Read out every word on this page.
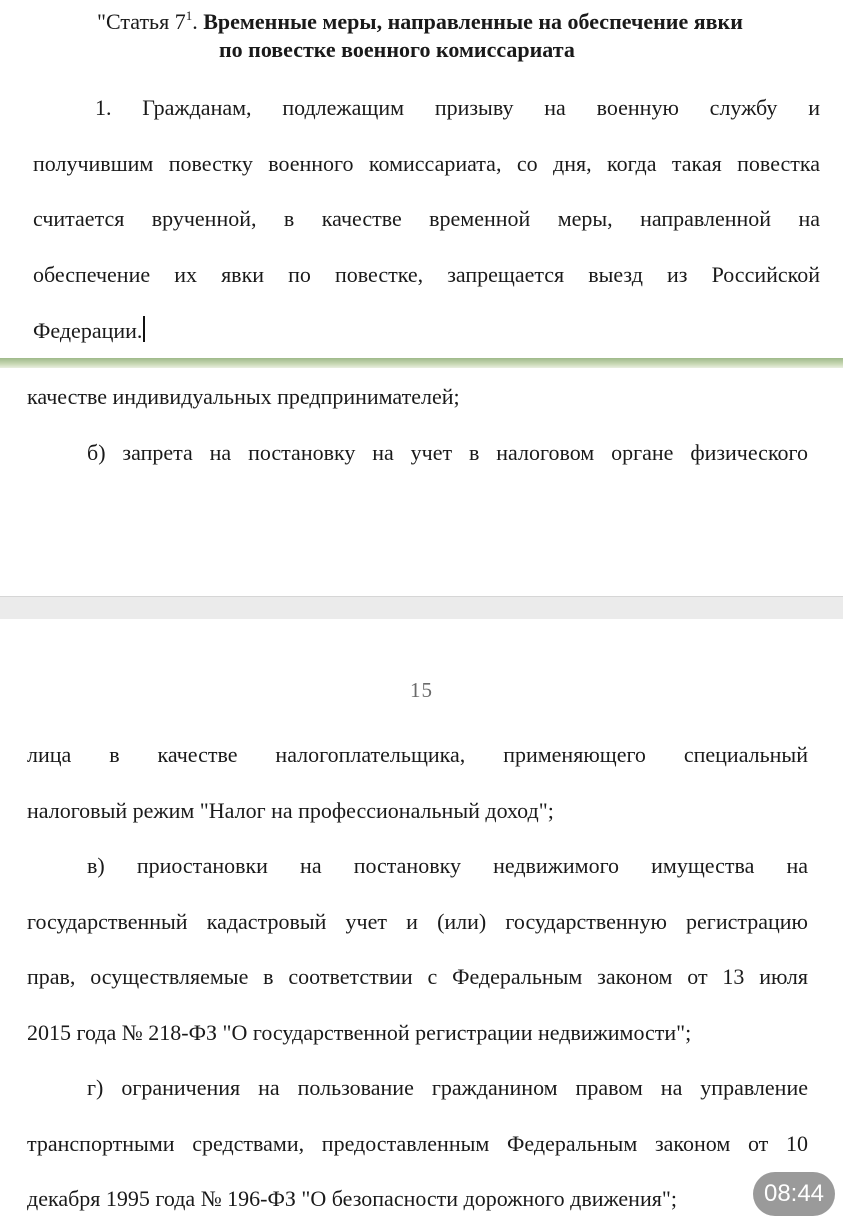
"Статья $7^1$. Временные меры, направленные на обеспечение явки
по повестке военного комиссариата
1. Гражданам, подлежащим призыву на военную службу и
получившим повестку военного комиссариата, со дня, когда такая повестка
считается врученной, в качестве временной меры, направленной на
обеспечение их явки по повестке, запрещается выезд из Российской
Федерации.
качестве индивидуальных предпринимателей;
б) запрета на постановку на учет в налоговом органе физического
15
лица в качестве налогоплательщика, применяющего специальный
налоговый режим "Налог на профессиональный доход";
в) приостановки на постановку недвижимого имущества на
государственный кадастровый учет и (или) государственную регистрацию
прав, осуществляемые в соответствии с Федеральным законом от 13 июля
2015 года № 218-ФЗ "О государственной регистрации недвижимости";
г) ограничения на пользование гражданином правом на управление
транспортными средствами, предоставленным Федеральным законом от 10
декабря 1995 года № 196-ФЗ "О безопасности дорожного движения";	08:44
